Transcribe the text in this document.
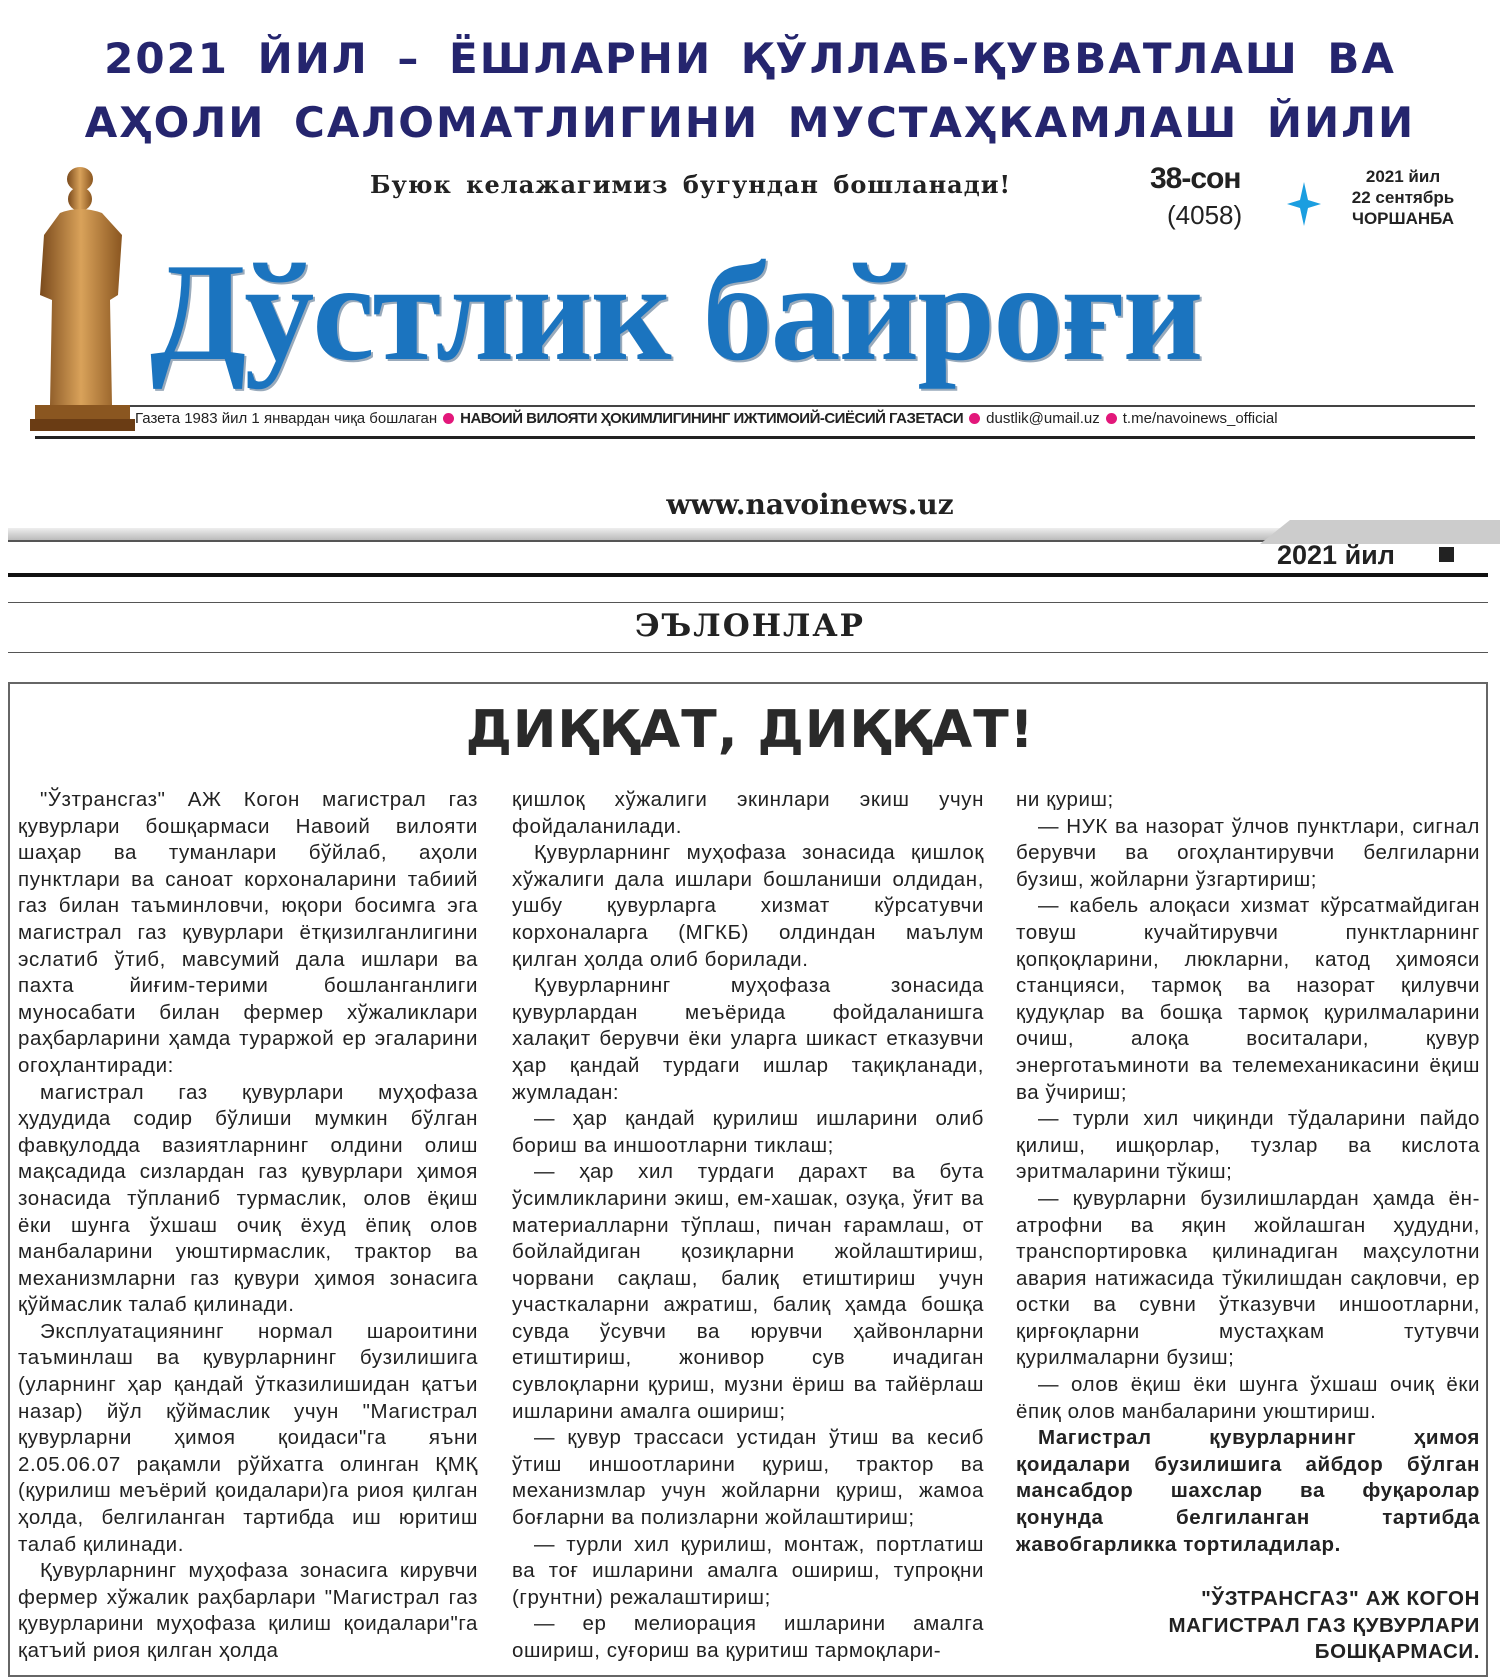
2021 ЙИЛ – ЁШЛАРНИ ҚЎЛЛАБ-ҚУВВАТЛАШ ВА
АҲОЛИ САЛОМАТЛИГИНИ МУСТАҲКАМЛАШ ЙИЛИ
Буюк келажагимиз бугундан бошланади!	38-сон
(4058)
2021 йил
22 сентябрь
ЧОРШАНБА
Дўстлик байроғи
Газета 1983 йил 1 январдан чиқа бошлаган НАВОИЙ ВИЛОЯТИ ҲОКИМЛИГИНИНГ ИЖТИМОИЙ-СИЁСИЙ ГАЗЕТАСИ dustlik@umail.uz t.me/navoinews_official
www.navoinews.uz
2021 йил
ЭЪЛОНЛАР
ДИҚҚАТ, ДИҚҚАТ!

"Ўзтрансгаз" АЖ Когон магистрал газ қувурлари бошқармаси Навоий вилояти шаҳар ва туманлари бўйлаб, аҳоли пунктлари ва саноат корхоналарини табиий газ билан таъминловчи, юқори босимга эга магистрал газ қувурлари ётқизилганлигини эслатиб ўтиб, мавсумий дала ишлари ва пахта йиғим-терими бошланганлиги муносабати билан фермер хўжаликлари раҳбарларини ҳамда тураржой ер эгаларини огоҳлантиради:

магистрал газ қувурлари муҳофаза ҳудудида содир бўлиши мумкин бўлган фавқулодда вазиятларнинг олдини олиш мақсадида сизлардан газ қувурлари ҳимоя зонасида тўпланиб турмаслик, олов ёқиш ёки шунга ўхшаш очиқ ёхуд ёпиқ олов манбаларини уюштирмаслик, трактор ва механизмларни газ қувури ҳимоя зонасига қўймаслик талаб қилинади.

Эксплуатациянинг нормал шароитини таъминлаш ва қувурларнинг бузилишига (уларнинг ҳар қандай ўтказилишидан қатъи назар) йўл қўймаслик учун "Магистрал қувурларни ҳимоя қоидаси"га яъни 2.05.06.07 рақамли рўйхатга олинган ҚМҚ (қурилиш меъёрий қоидалари)га риоя қилган ҳолда, белгиланган тартибда иш юритиш талаб қилинади.

Қувурларнинг муҳофаза зонасига кирувчи фермер хўжалик раҳбарлари "Магистрал газ қувурларини муҳофаза қилиш қоидалари"га қатъий риоя қилган ҳолда

қишлоқ хўжалиги экинлари экиш учун фойдаланилади.

Қувурларнинг муҳофаза зонасида қишлоқ хўжалиги дала ишлари бошланиши олдидан, ушбу қувурларга хизмат кўрсатувчи корхоналарга (МГКБ) олдиндан маълум қилган ҳолда олиб борилади.

Қувурларнинг муҳофаза зонасида қувурлардан меъёрида фойдаланишга халақит берувчи ёки уларга шикаст етказувчи ҳар қандай турдаги ишлар тақиқланади, жумладан:

— ҳар қандай қурилиш ишларини олиб бориш ва иншоотларни тиклаш;

— ҳар хил турдаги дарахт ва бута ўсимликларини экиш, ем-хашак, озуқа, ўғит ва материалларни тўплаш, пичан ғарамлаш, от бойлайдиган қозиқларни жойлаштириш, чорвани сақлаш, балиқ етиштириш учун участкаларни ажратиш, балиқ ҳамда бошқа сувда ўсувчи ва юрувчи ҳайвонларни етиштириш, жонивор сув ичадиган сувлоқларни қуриш, музни ёриш ва тайёрлаш ишларини амалга ошириш;

— қувур трассаси устидан ўтиш ва кесиб ўтиш иншоотларини қуриш, трактор ва механизмлар учун жойларни қуриш, жамоа боғларни ва полизларни жойлаштириш;

— турли хил қурилиш, монтаж, портлатиш ва тоғ ишларини амалга ошириш, тупроқни (грунтни) режалаштириш;

— ер мелиорация ишларини амалга ошириш, суғориш ва қуритиш тармоқлари-

ни қуриш;

— НУК ва назорат ўлчов пунктлари, сигнал берувчи ва огоҳлантирувчи белгиларни бузиш, жойларни ўзгартириш;

— кабель алоқаси хизмат кўрсатмайдиган товуш кучайтирувчи пунктларнинг қопқоқларини, люкларни, катод ҳимояси станцияси, тармоқ ва назорат қилувчи қудуқлар ва бошқа тармоқ қурилмаларини очиш, алоқа воситалари, қувур энерготаъминоти ва телемеханикасини ёқиш ва ўчириш;

— турли хил чиқинди тўдаларини пайдо қилиш, ишқорлар, тузлар ва кислота эритмаларини тўкиш;

— қувурларни бузилишлардан ҳамда ён-атрофни ва яқин жойлашган ҳудудни, транспортировка қилинадиган маҳсулотни авария натижасида тўкилишдан сақловчи, ер остки ва сувни ўтказувчи иншоотларни, қирғоқларни мустаҳкам тутувчи қурилмаларни бузиш;

— олов ёқиш ёки шунга ўхшаш очиқ ёки ёпиқ олов манбаларини уюштириш.

Магистрал қувурларнинг ҳимоя қоидалари бузилишига айбдор бўлган мансабдор шахслар ва фуқаролар қонунда белгиланган тартибда жавобгарликка тортиладилар.

"ЎЗТРАНСГАЗ" АЖ КОГОН
МАГИСТРАЛ ГАЗ ҚУВУРЛАРИ
БОШҚАРМАСИ.
